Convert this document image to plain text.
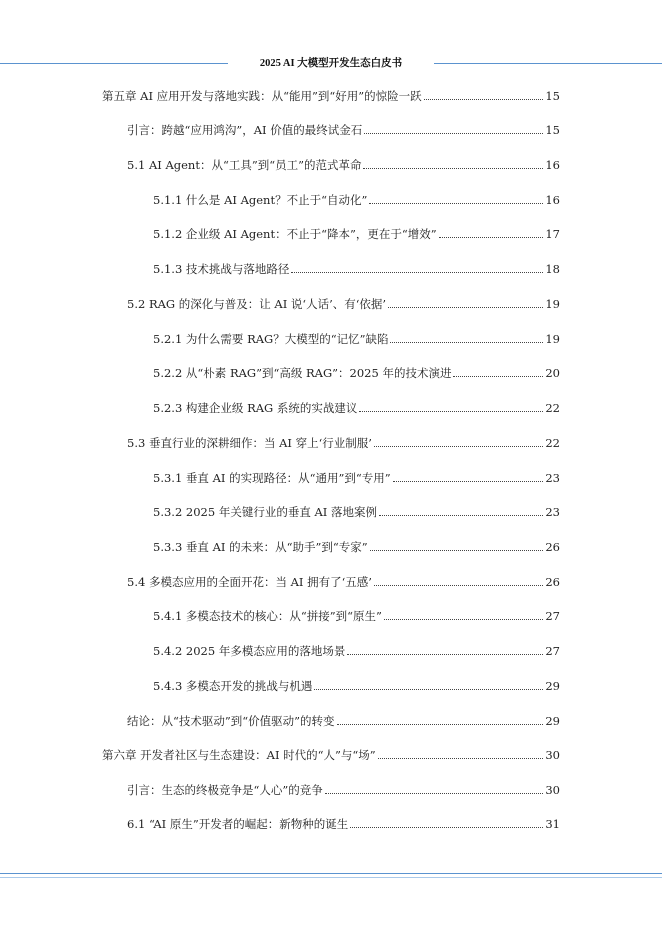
2025 AI 大模型开发生态白皮书
第五章 AI 应用开发与落地实践：从“能用”到“好用”的惊险一跃	15
引言：跨越“应用鸿沟”，AI 价值的最终试金石	15
5.1 AI Agent：从“工具”到“员工”的范式革命	16
5.1.1 什么是 AI Agent？不止于“自动化”	16
5.1.2 企业级 AI Agent：不止于“降本”，更在于“增效”	17
5.1.3 技术挑战与落地路径	18
5.2 RAG 的深化与普及：让 AI 说‘人话’、有‘依据’	19
5.2.1 为什么需要 RAG？大模型的“记忆”缺陷	19
5.2.2 从“朴素 RAG”到“高级 RAG”：2025 年的技术演进	20
5.2.3 构建企业级 RAG 系统的实战建议	22
5.3 垂直行业的深耕细作：当 AI 穿上‘行业制服’	22
5.3.1 垂直 AI 的实现路径：从“通用”到“专用”	23
5.3.2 2025 年关键行业的垂直 AI 落地案例	23
5.3.3 垂直 AI 的未来：从“助手”到“专家”	26
5.4 多模态应用的全面开花：当 AI 拥有了‘五感’	26
5.4.1 多模态技术的核心：从“拼接”到“原生”	27
5.4.2 2025 年多模态应用的落地场景	27
5.4.3 多模态开发的挑战与机遇	29
结论：从“技术驱动”到“价值驱动”的转变	29
第六章 开发者社区与生态建设：AI 时代的“人”与“场”	30
引言：生态的终极竞争是“人心”的竞争	30
6.1 “AI 原生”开发者的崛起：新物种的诞生	31
